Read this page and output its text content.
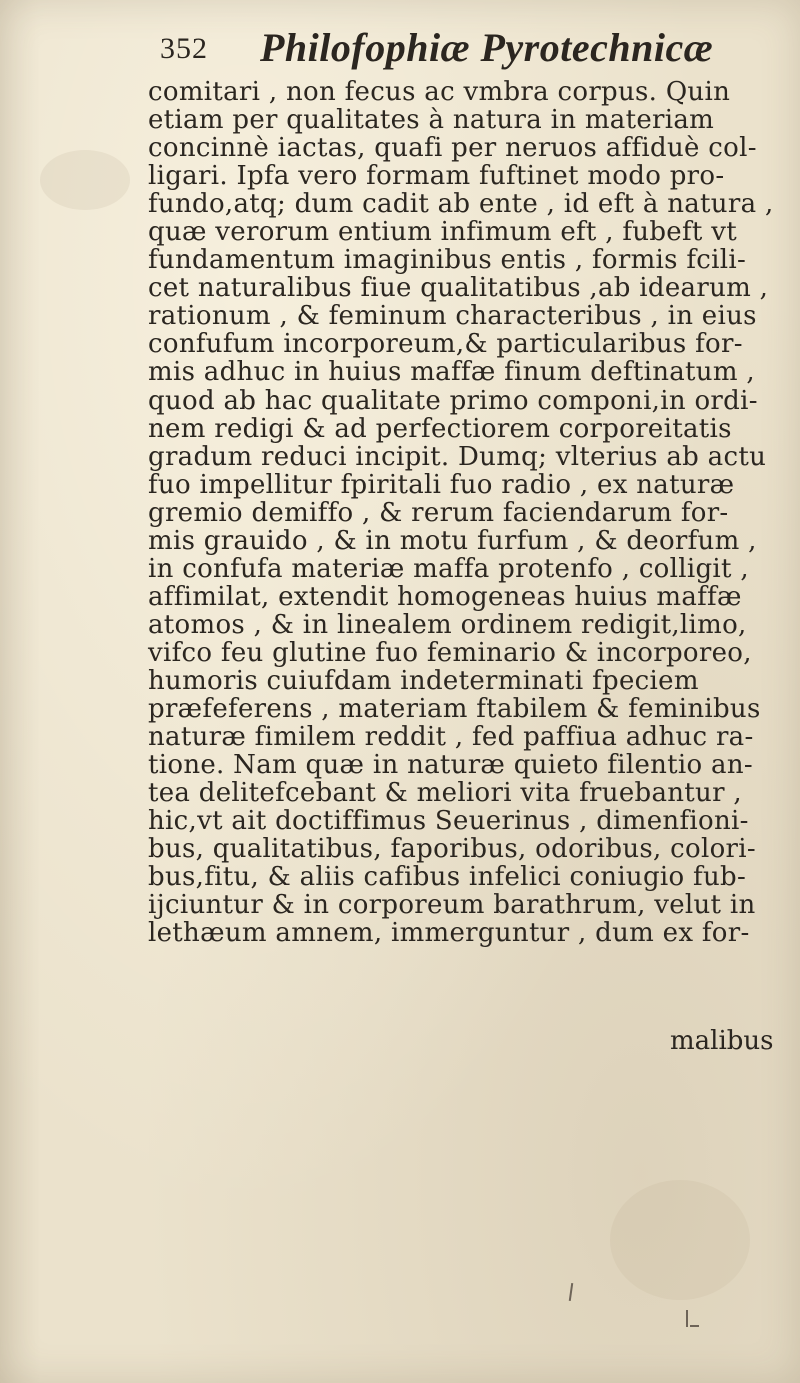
352 Philofophiæ Pyrotechnicæ
comitari , non fecus ac vmbra corpus. Quin
etiam per qualitates à natura in materiam
concinnè iactas, quafi per neruos affiduè col-
ligari. Ipfa vero formam fuftinet modo pro-
fundo,atq; dum cadit ab ente , id eft à natura ,
quæ verorum entium infimum eft , fubeft vt
fundamentum imaginibus entis , formis fcili-
cet naturalibus fiue qualitatibus ,ab idearum ,
rationum , & feminum characteribus , in eius
confufum incorporeum,& particularibus for-
mis adhuc in huius maffæ finum deftinatum ,
quod ab hac qualitate primo componi,in ordi-
nem redigi & ad perfectiorem corporeitatis
gradum reduci incipit. Dumq; vlterius ab actu
fuo impellitur fpiritali fuo radio , ex naturæ
gremio demiffo , & rerum faciendarum for-
mis grauido , & in motu furfum , & deorfum ,
in confufa materiæ maffa protenfo , colligit ,
affimilat, extendit homogeneas huius maffæ
atomos , & in linealem ordinem redigit,limo,
vifco feu glutine fuo feminario & incorporeo,
humoris cuiufdam indeterminati fpeciem
præfeferens , materiam ftabilem & feminibus
naturæ fimilem reddit , fed paffiua adhuc ra-
tione. Nam quæ in naturæ quieto filentio an-
tea delitefcebant & meliori vita fruebantur ,
hic,vt ait doctiffimus Seuerinus , dimenfioni-
bus, qualitatibus, faporibus, odoribus, colori-
bus,fitu, & aliis cafibus infelici coniugio fub-
ijciuntur & in corporeum barathrum, velut in
lethæum amnem, immerguntur , dum ex for-
malibus
